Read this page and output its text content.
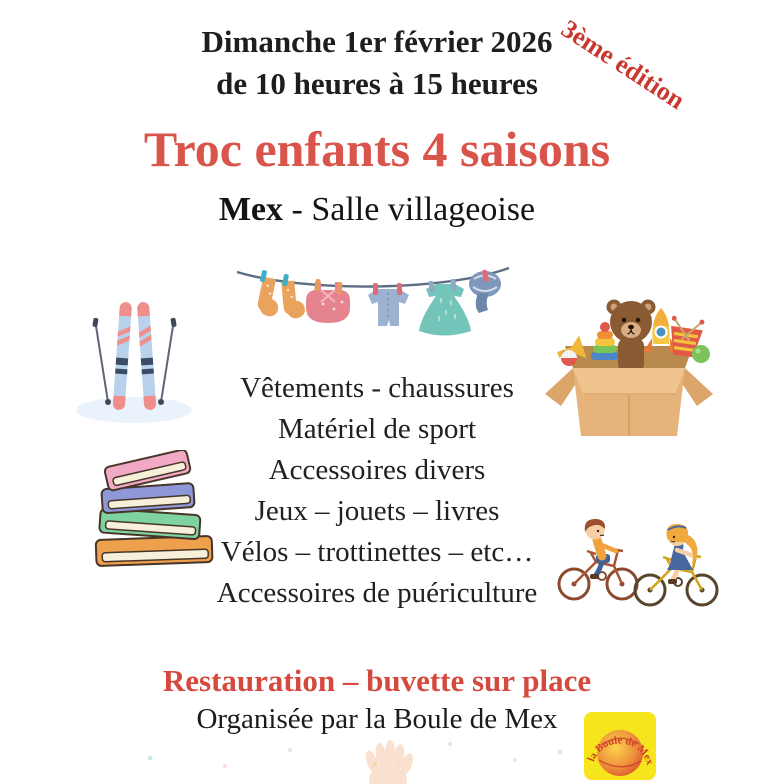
Dimanche 1er février 2026
de 10 heures à 15 heures 3ème édition
Troc enfants 4 saisons
Mex - Salle villageoise
Vêtements - chaussures
Matériel de sport
Accessoires divers
Jeux – jouets – livres
Vélos – trottinettes – etc…
Accessoires de puériculture
Restauration – buvette sur place
Organisée par la Boule de Mex
la Boule de Mex
